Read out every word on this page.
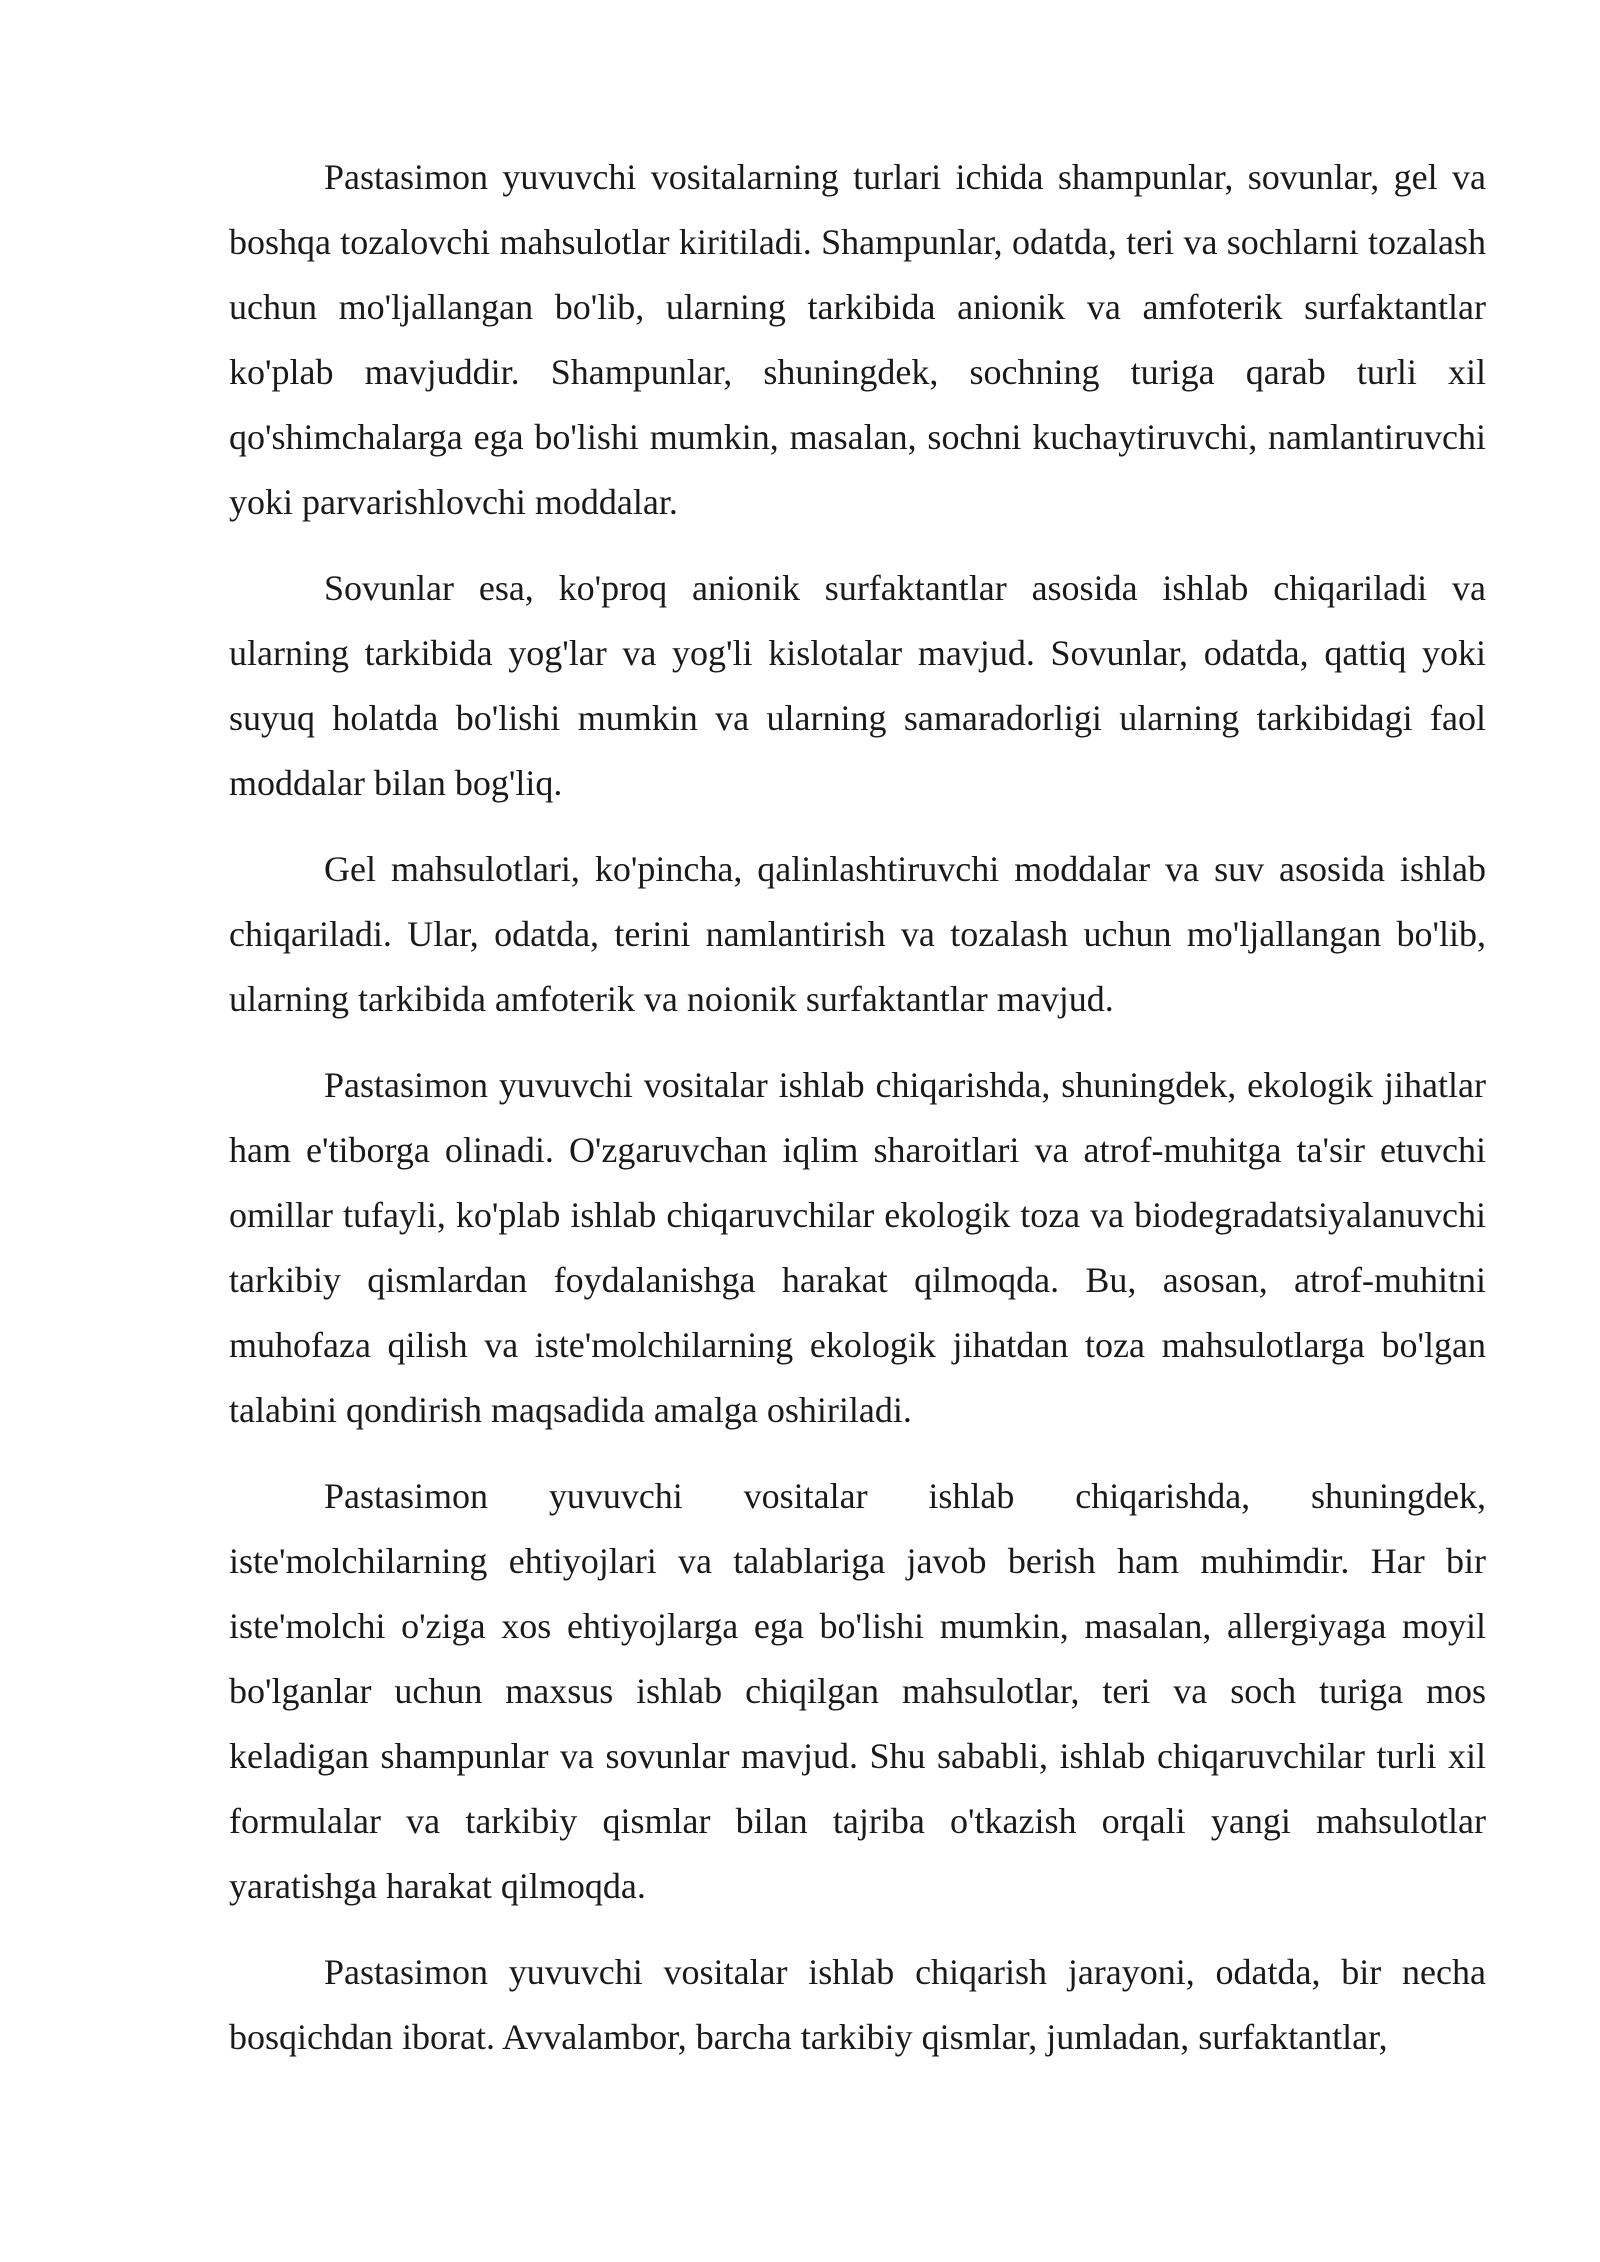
Pastasimon yuvuvchi vositalarning turlari ichida shampunlar, sovunlar, gel va boshqa tozalovchi mahsulotlar kiritiladi. Shampunlar, odatda, teri va sochlarni tozalash uchun mo'ljallangan bo'lib, ularning tarkibida anionik va amfoterik surfaktantlar ko'plab mavjuddir. Shampunlar, shuningdek, sochning turiga qarab turli xil qo'shimchalarga ega bo'lishi mumkin, masalan, sochni kuchaytiruvchi, namlantiruvchi yoki parvarishlovchi moddalar.

Sovunlar esa, ko'proq anionik surfaktantlar asosida ishlab chiqariladi va ularning tarkibida yog'lar va yog'li kislotalar mavjud. Sovunlar, odatda, qattiq yoki suyuq holatda bo'lishi mumkin va ularning samaradorligi ularning tarkibidagi faol moddalar bilan bog'liq.

Gel mahsulotlari, ko'pincha, qalinlashtiruvchi moddalar va suv asosida ishlab chiqariladi. Ular, odatda, terini namlantirish va tozalash uchun mo'ljallangan bo'lib, ularning tarkibida amfoterik va noionik surfaktantlar mavjud.

Pastasimon yuvuvchi vositalar ishlab chiqarishda, shuningdek, ekologik jihatlar ham e'tiborga olinadi. O'zgaruvchan iqlim sharoitlari va atrof-muhitga ta'sir etuvchi omillar tufayli, ko'plab ishlab chiqaruvchilar ekologik toza va biodegradatsiyalanuvchi tarkibiy qismlardan foydalanishga harakat qilmoqda. Bu, asosan, atrof-muhitni muhofaza qilish va iste'molchilarning ekologik jihatdan toza mahsulotlarga bo'lgan talabini qondirish maqsadida amalga oshiriladi.

Pastasimon yuvuvchi vositalar ishlab chiqarishda, shuningdek, iste'molchilarning ehtiyojlari va talablariga javob berish ham muhimdir. Har bir iste'molchi o'ziga xos ehtiyojlarga ega bo'lishi mumkin, masalan, allergiyaga moyil bo'lganlar uchun maxsus ishlab chiqilgan mahsulotlar, teri va soch turiga mos keladigan shampunlar va sovunlar mavjud. Shu sababli, ishlab chiqaruvchilar turli xil formulalar va tarkibiy qismlar bilan tajriba o'tkazish orqali yangi mahsulotlar yaratishga harakat qilmoqda.

Pastasimon yuvuvchi vositalar ishlab chiqarish jarayoni, odatda, bir necha bosqichdan iborat. Avvalambor, barcha tarkibiy qismlar, jumladan, surfaktantlar,
